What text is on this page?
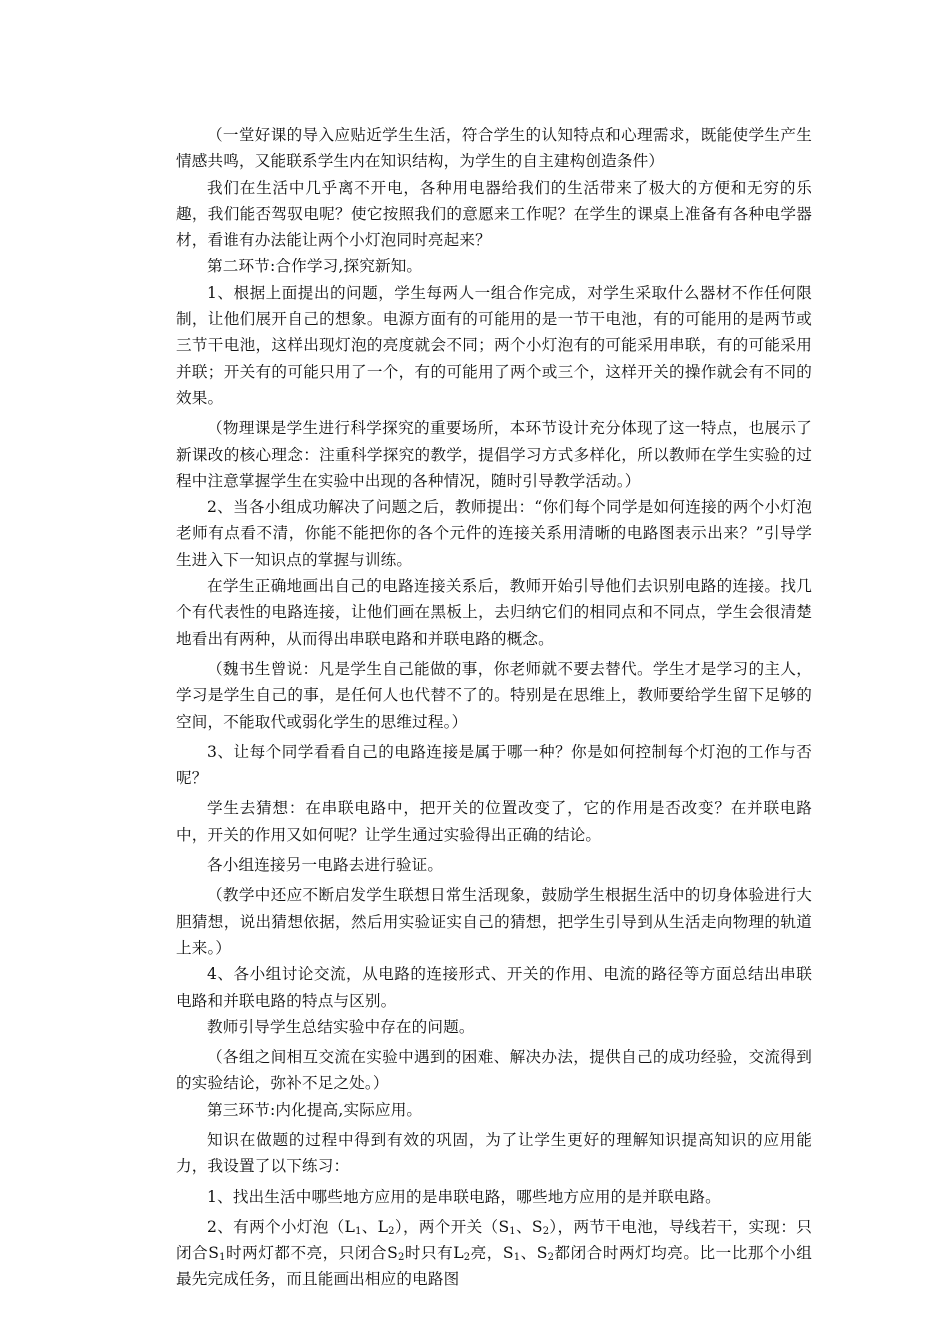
（一堂好课的导入应贴近学生生活，符合学生的认知特点和心理需求，既能使学生产生情感共鸣，又能联系学生内在知识结构，为学生的自主建构创造条件）

我们在生活中几乎离不开电，各种用电器给我们的生活带来了极大的方便和无穷的乐趣，我们能否驾驭电呢？使它按照我们的意愿来工作呢？在学生的课桌上准备有各种电学器材，看谁有办法能让两个小灯泡同时亮起来？

第二环节:合作学习,探究新知。

1、根据上面提出的问题，学生每两人一组合作完成，对学生采取什么器材不作任何限制，让他们展开自己的想象。电源方面有的可能用的是一节干电池，有的可能用的是两节或三节干电池，这样出现灯泡的亮度就会不同；两个小灯泡有的可能采用串联，有的可能采用并联；开关有的可能只用了一个，有的可能用了两个或三个，这样开关的操作就会有不同的效果。

（物理课是学生进行科学探究的重要场所，本环节设计充分体现了这一特点，也展示了新课改的核心理念：注重科学探究的教学，提倡学习方式多样化，所以教师在学生实验的过程中注意掌握学生在实验中出现的各种情况，随时引导教学活动。）

2、当各小组成功解决了问题之后，教师提出：“你们每个同学是如何连接的两个小灯泡老师有点看不清，你能不能把你的各个元件的连接关系用清晰的电路图表示出来？”引导学生进入下一知识点的掌握与训练。

在学生正确地画出自己的电路连接关系后，教师开始引导他们去识别电路的连接。找几个有代表性的电路连接，让他们画在黑板上，去归纳它们的相同点和不同点，学生会很清楚地看出有两种，从而得出串联电路和并联电路的概念。

（魏书生曾说：凡是学生自己能做的事，你老师就不要去替代。学生才是学习的主人，学习是学生自己的事，是任何人也代替不了的。特别是在思维上，教师要给学生留下足够的空间，不能取代或弱化学生的思维过程。）

3、让每个同学看看自己的电路连接是属于哪一种？你是如何控制每个灯泡的工作与否呢？

学生去猜想：在串联电路中，把开关的位置改变了，它的作用是否改变？在并联电路中，开关的作用又如何呢？让学生通过实验得出正确的结论。

各小组连接另一电路去进行验证。

（教学中还应不断启发学生联想日常生活现象，鼓励学生根据生活中的切身体验进行大胆猜想，说出猜想依据，然后用实验证实自己的猜想，把学生引导到从生活走向物理的轨道上来。）

4、各小组讨论交流，从电路的连接形式、开关的作用、电流的路径等方面总结出串联电路和并联电路的特点与区别。

教师引导学生总结实验中存在的问题。

（各组之间相互交流在实验中遇到的困难、解决办法，提供自己的成功经验，交流得到的实验结论，弥补不足之处。）

第三环节:内化提高,实际应用。

知识在做题的过程中得到有效的巩固，为了让学生更好的理解知识提高知识的应用能力，我设置了以下练习：

1、找出生活中哪些地方应用的是串联电路，哪些地方应用的是并联电路。

2、有两个小灯泡（$L_1$、$L_2$），两个开关（$S_1$、$S_2$），两节干电池，导线若干，实现：只闭合$S_1$时两灯都不亮，只闭合$S_2$时只有$L_2$亮，$S_1$、$S_2$都闭合时两灯均亮。比一比那个小组最先完成任务，而且能画出相应的电路图
